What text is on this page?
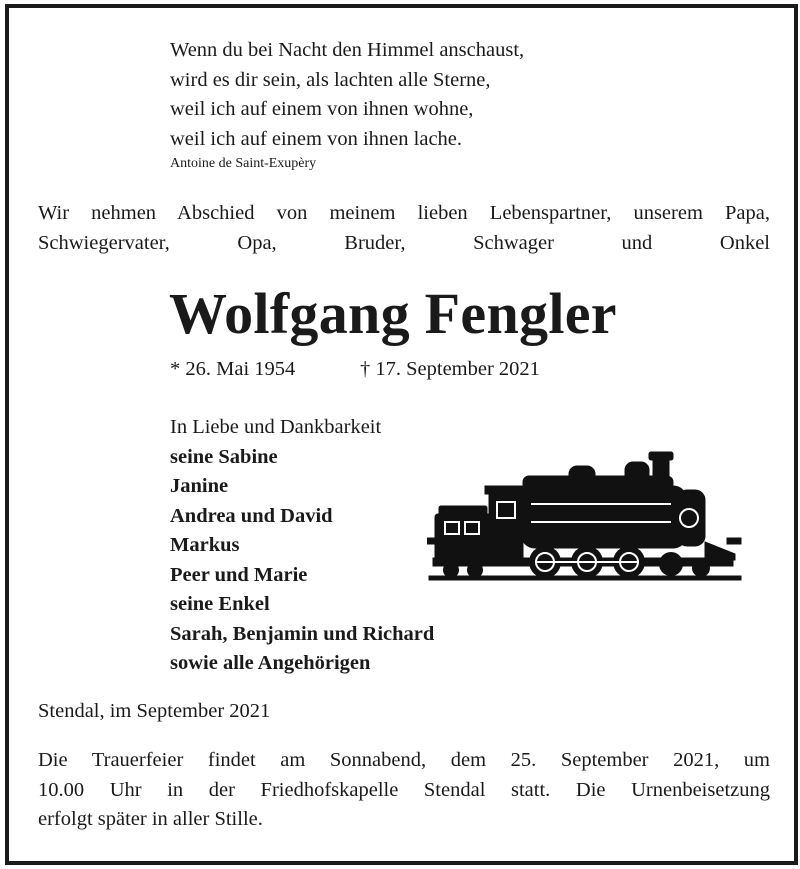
Wenn du bei Nacht den Himmel anschaust,
wird es dir sein, als lachten alle Sterne,
weil ich auf einem von ihnen wohne,
weil ich auf einem von ihnen lache.
Antoine de Saint-Exupèry
Wir nehmen Abschied von meinem lieben Lebenspartner, unserem Papa,
Schwiegervater, Opa, Bruder, Schwager und Onkel
Wolfgang Fengler
* 26. Mai 1954	† 17. September 2021
In Liebe und Dankbarkeit
seine Sabine
Janine
Andrea und David
Markus
Peer und Marie
seine Enkel
Sarah, Benjamin und Richard
sowie alle Angehörigen
Stendal, im September 2021
Die Trauerfeier findet am Sonnabend, dem 25. September 2021, um
10.00 Uhr in der Friedhofskapelle Stendal statt. Die Urnenbeisetzung
erfolgt später in aller Stille.
